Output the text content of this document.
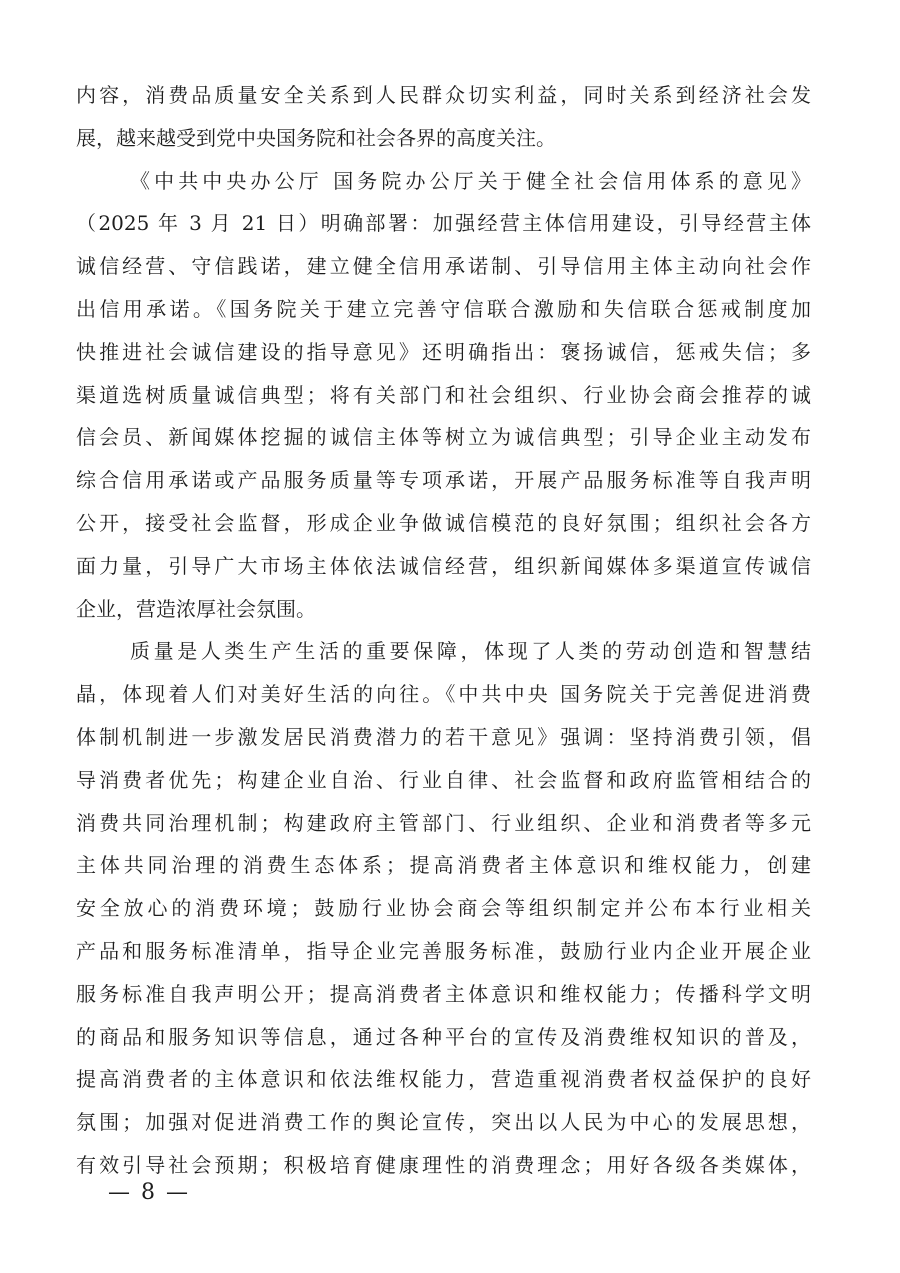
内容，消费品质量安全关系到人民群众切实利益，同时关系到经济社会发
展，越来越受到党中央国务院和社会各界的高度关注。
《中共中央办公厅 国务院办公厅关于健全社会信用体系的意见》
（2025 年 3 月 21 日）明确部署：加强经营主体信用建设，引导经营主体
诚信经营、守信践诺，建立健全信用承诺制、引导信用主体主动向社会作
出信用承诺。《国务院关于建立完善守信联合激励和失信联合惩戒制度加
快推进社会诚信建设的指导意见》还明确指出：褒扬诚信，惩戒失信；多
渠道选树质量诚信典型；将有关部门和社会组织、行业协会商会推荐的诚
信会员、新闻媒体挖掘的诚信主体等树立为诚信典型；引导企业主动发布
综合信用承诺或产品服务质量等专项承诺，开展产品服务标准等自我声明
公开，接受社会监督，形成企业争做诚信模范的良好氛围；组织社会各方
面力量，引导广大市场主体依法诚信经营，组织新闻媒体多渠道宣传诚信
企业，营造浓厚社会氛围。
质量是人类生产生活的重要保障，体现了人类的劳动创造和智慧结
晶，体现着人们对美好生活的向往。《中共中央 国务院关于完善促进消费
体制机制进一步激发居民消费潜力的若干意见》强调：坚持消费引领，倡
导消费者优先；构建企业自治、行业自律、社会监督和政府监管相结合的
消费共同治理机制；构建政府主管部门、行业组织、企业和消费者等多元
主体共同治理的消费生态体系；提高消费者主体意识和维权能力，创建
安全放心的消费环境；鼓励行业协会商会等组织制定并公布本行业相关
产品和服务标准清单，指导企业完善服务标准，鼓励行业内企业开展企业
服务标准自我声明公开；提高消费者主体意识和维权能力；传播科学文明
的商品和服务知识等信息，通过各种平台的宣传及消费维权知识的普及，
提高消费者的主体意识和依法维权能力，营造重视消费者权益保护的良好
氛围；加强对促进消费工作的舆论宣传，突出以人民为中心的发展思想，
有效引导社会预期；积极培育健康理性的消费理念；用好各级各类媒体，
— 8 —
